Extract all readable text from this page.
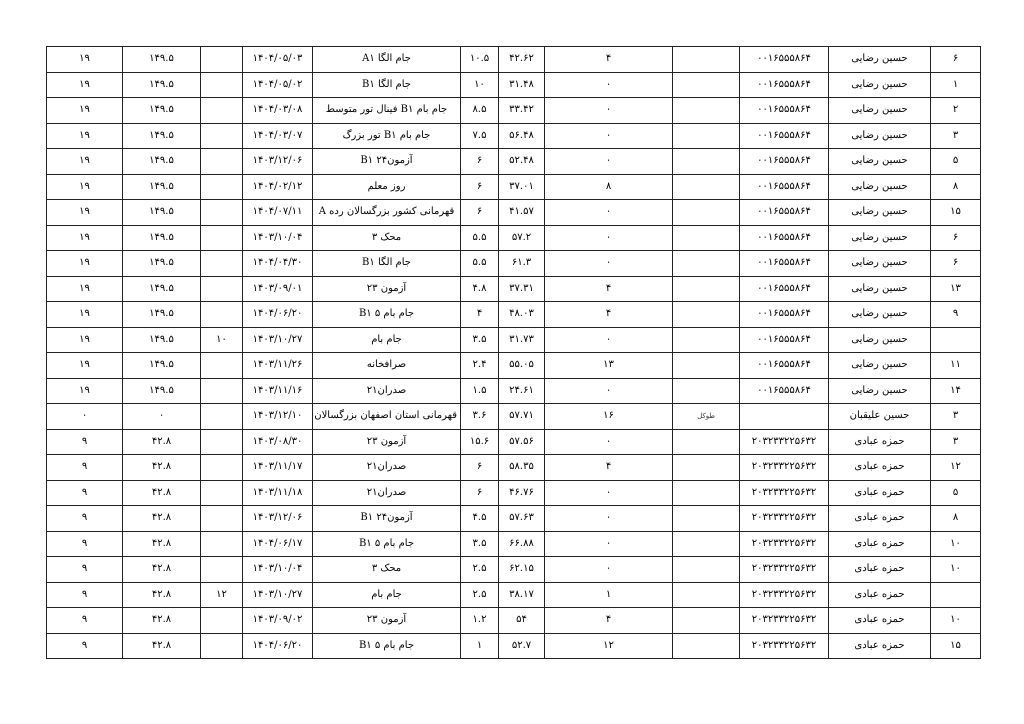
۱۹	۱۴۹.۵		۱۴۰۴/۰۵/۰۳	جام الگا A۱	۱۰.۵	۴۲.۶۲	۴		۰۰۱۶۵۵۵۸۶۴	حسین رضایی	۶
۱۹	۱۴۹.۵		۱۴۰۴/۰۵/۰۲	جام الگا B۱	۱۰	۳۱.۴۸	۰		۰۰۱۶۵۵۵۸۶۴	حسین رضایی	۱
۱۹	۱۴۹.۵		۱۴۰۴/۰۳/۰۸	جام بام B۱ فینال تور متوسط	۸.۵	۳۳.۴۲	۰		۰۰۱۶۵۵۵۸۶۴	حسین رضایی	۲
۱۹	۱۴۹.۵		۱۴۰۴/۰۳/۰۷	جام بام B۱ تور بزرگ	۷.۵	۵۶.۴۸	۰		۰۰۱۶۵۵۵۸۶۴	حسین رضایی	۳
۱۹	۱۴۹.۵		۱۴۰۳/۱۲/۰۶	آزمون۲۴ B۱	۶	۵۲.۴۸	۰		۰۰۱۶۵۵۵۸۶۴	حسین رضایی	۵
۱۹	۱۴۹.۵		۱۴۰۴/۰۲/۱۲	روز معلم	۶	۳۷.۰۱	۸		۰۰۱۶۵۵۵۸۶۴	حسین رضایی	۸
۱۹	۱۴۹.۵		۱۴۰۴/۰۷/۱۱	قهرمانی کشور بزرگسالان رده A	۶	۴۱.۵۷	۰		۰۰۱۶۵۵۵۸۶۴	حسین رضایی	۱۵
۱۹	۱۴۹.۵		۱۴۰۳/۱۰/۰۴	محک ۳	۵.۵	۵۷.۲	۰		۰۰۱۶۵۵۵۸۶۴	حسین رضایی	۶
۱۹	۱۴۹.۵		۱۴۰۴/۰۴/۳۰	جام الگا B۱	۵.۵	۶۱.۳	۰		۰۰۱۶۵۵۵۸۶۴	حسین رضایی	۶
۱۹	۱۴۹.۵		۱۴۰۳/۰۹/۰۱	آزمون ۲۳	۴.۸	۳۷.۳۱	۴		۰۰۱۶۵۵۵۸۶۴	حسین رضایی	۱۳
۱۹	۱۴۹.۵		۱۴۰۴/۰۶/۲۰	جام بام ۵ B۱	۴	۴۸.۰۳	۴		۰۰۱۶۵۵۵۸۶۴	حسین رضایی	۹
۱۹	۱۴۹.۵	۱۰	۱۴۰۳/۱۰/۲۷	جام بام	۳.۵	۳۱.۷۳	۰		۰۰۱۶۵۵۵۸۶۴	حسین رضایی	
۱۹	۱۴۹.۵		۱۴۰۳/۱۱/۲۶	صرافخانه	۲.۴	۵۵.۰۵	۱۳		۰۰۱۶۵۵۵۸۶۴	حسین رضایی	۱۱
۱۹	۱۴۹.۵		۱۴۰۳/۱۱/۱۶	صدران۲۱	۱.۵	۲۴.۶۱	۰		۰۰۱۶۵۵۵۸۶۴	حسین رضایی	۱۴
۰	۰		۱۴۰۳/۱۲/۱۰	قهرمانی استان اصفهان بزرگسالان	۳.۶	۵۷.۷۱	۱۶	طوكل		حسین علیقبان	۳
۹	۴۲.۸		۱۴۰۳/۰۸/۳۰	آزمون ۲۳	۱۵.۶	۵۷.۵۶	۰		۲۰۳۲۳۳۲۲۵۶۳۲	حمزه عبادی	۳
۹	۴۲.۸		۱۴۰۳/۱۱/۱۷	صدران۲۱	۶	۵۸.۳۵	۴		۲۰۳۲۳۳۲۲۵۶۳۲	حمزه عبادی	۱۲
۹	۴۲.۸		۱۴۰۳/۱۱/۱۸	صدران۲۱	۶	۴۶.۷۶	۰		۲۰۳۲۳۳۲۲۵۶۳۲	حمزه عبادی	۵
۹	۴۲.۸		۱۴۰۳/۱۲/۰۶	آزمون۲۴ B۱	۴.۵	۵۷.۶۳	۰		۲۰۳۲۳۳۲۲۵۶۳۲	حمزه عبادی	۸
۹	۴۲.۸		۱۴۰۴/۰۶/۱۷	جام بام ۵ B۱	۳.۵	۶۶.۸۸	۰		۲۰۳۲۳۳۲۲۵۶۳۲	حمزه عبادی	۱۰
۹	۴۲.۸		۱۴۰۳/۱۰/۰۴	محک ۳	۲.۵	۶۲.۱۵	۰		۲۰۳۲۳۳۲۲۵۶۳۲	حمزه عبادی	۱۰
۹	۴۲.۸	۱۲	۱۴۰۳/۱۰/۲۷	جام بام	۲.۵	۳۸.۱۷	۱		۲۰۳۲۳۳۲۲۵۶۳۲	حمزه عبادی	
۹	۴۲.۸		۱۴۰۳/۰۹/۰۲	آزمون ۲۳	۱.۲	۵۴	۴		۲۰۳۲۳۳۲۲۵۶۳۲	حمزه عبادی	۱۰
۹	۴۲.۸		۱۴۰۴/۰۶/۲۰	جام بام ۵ B۱	۱	۵۲.۷	۱۲		۲۰۳۲۳۳۲۲۵۶۳۲	حمزه عبادی	۱۵
